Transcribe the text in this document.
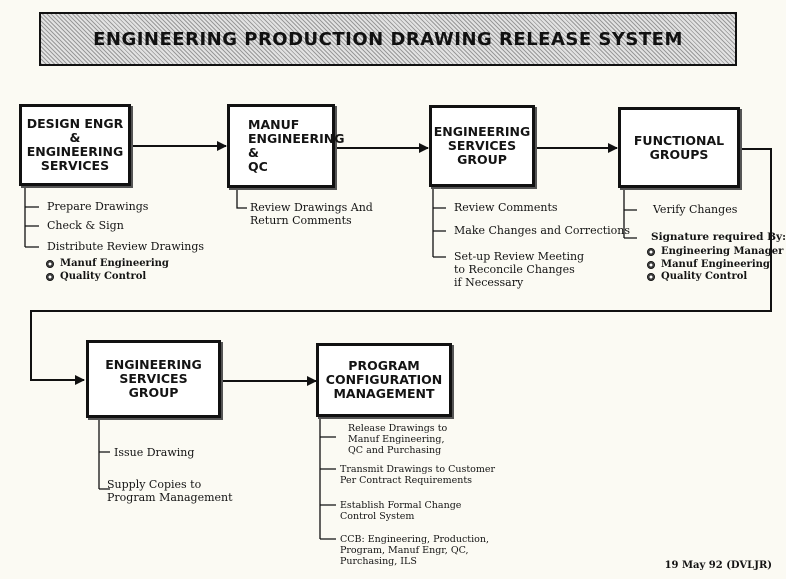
ENGINEERING PRODUCTION DRAWING RELEASE SYSTEM
DESIGN ENGR
&
ENGINEERING
SERVICES
MANUF
ENGINEERING
&
QC
ENGINEERING
SERVICES
GROUP
FUNCTIONAL
GROUPS
ENGINEERING
SERVICES
GROUP
PROGRAM
CONFIGURATION
MANAGEMENT
Prepare Drawings
Check & Sign
Distribute Review Drawings
Manuf Engineering
Quality Control
Review Drawings And
Return Comments
Review Comments
Make Changes and Corrections
Set-up Review Meeting
to Reconcile Changes
if Necessary
Verify Changes
Signature required By:
Engineering Manager
Manuf Engineering
Quality Control
Issue Drawing
Supply Copies to
Program Management
Release Drawings to
Manuf Engineering,
QC and Purchasing
Transmit Drawings to Customer
Per Contract Requirements
Establish Formal Change
Control System
CCB: Engineering, Production,
Program, Manuf Engr, QC,
Purchasing, ILS	19 May 92 (DVLJR)
